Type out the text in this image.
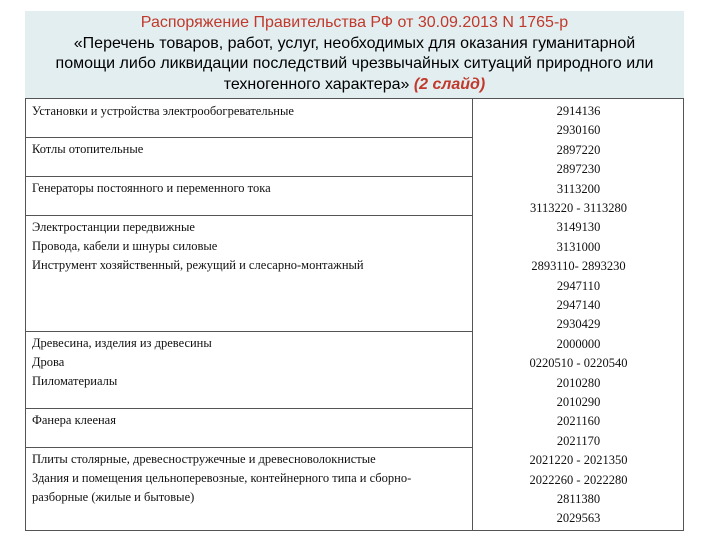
Распоряжение Правительства РФ от 30.09.2013 N 1765-р
«Перечень товаров, работ, услуг, необходимых для оказания гуманитарной
помощи либо ликвидации последствий чрезвычайных ситуаций природного или
техногенного характера» (2 слайд)
Установки и устройства электрообогревательные
Котлы отопительные
Генераторы постоянного и переменного тока
Электростанции передвижные
Провода, кабели и шнуры силовые
Инструмент хозяйственный, режущий и слесарно-монтажный
Древесина, изделия из древесины
Дрова
Пиломатериалы
Фанера клееная
Плиты столярные, древесностружечные и древесноволокнистые
Здания и помещения цельноперевозные, контейнерного типа и сборно-разборные (жилые и бытовые)
2914136
2930160
2897220
2897230
3113200
3113220 - 3113280
3149130
3131000
2893110- 2893230
2947110
2947140
2930429
2000000
0220510 - 0220540
2010280
2010290
2021160
2021170
2021220 - 2021350
2022260 - 2022280
2811380
2029563
